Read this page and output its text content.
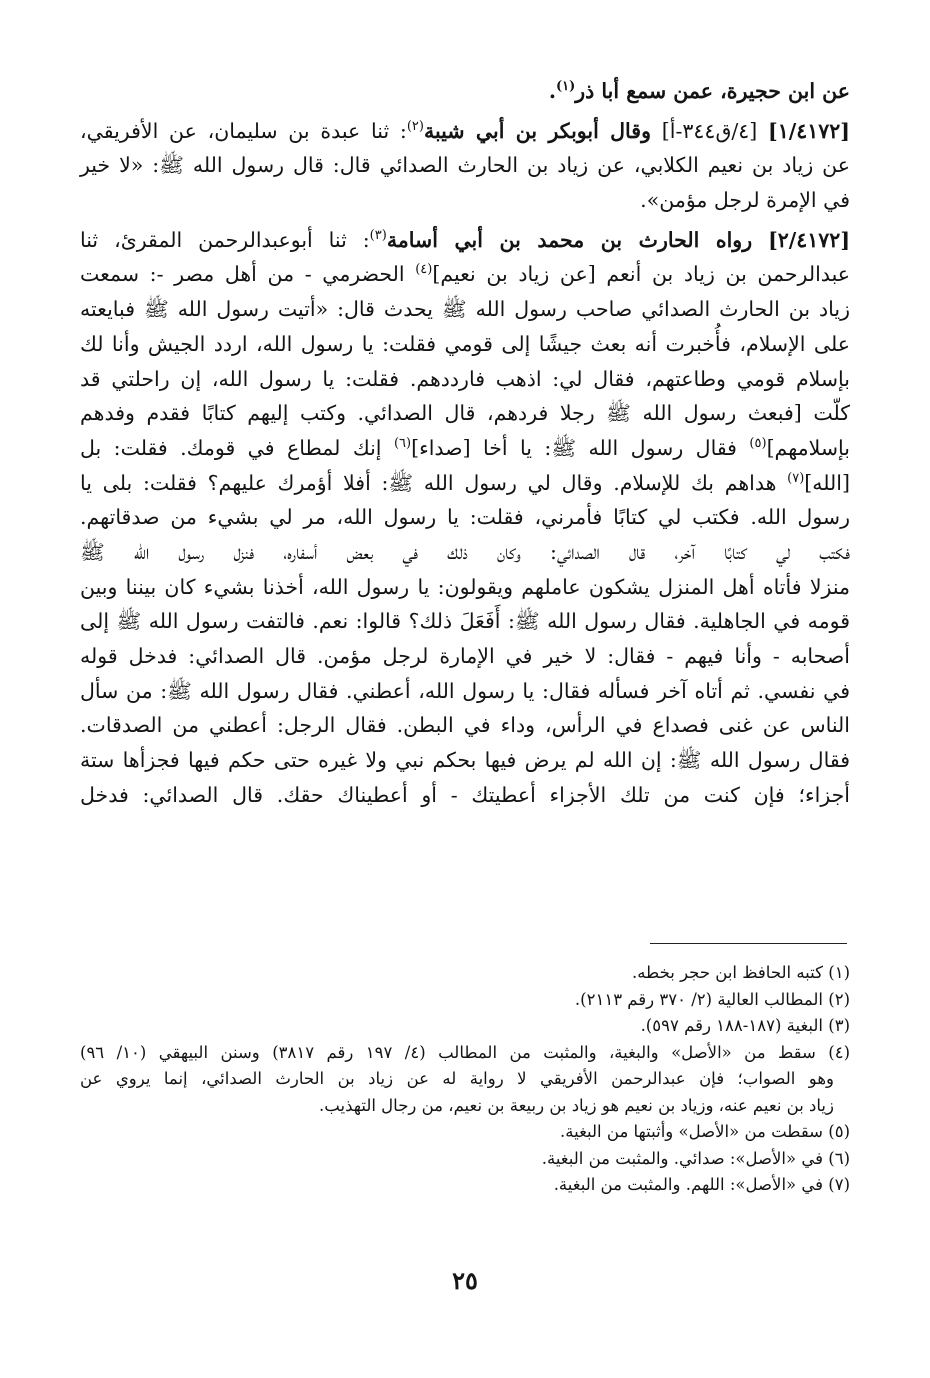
عن ابن حجيرة، عمن سمع أبا ذر$^{(١)}$.
[١/٤١٧٢] [٤/ق٣٤٤-أ] وقال أبوبكر بن أبي شيبة$^{(٢)}$: ثنا عبدة بن سليمان، عن الأفريقي،
عن زياد بن نعيم الكلابي، عن زياد بن الحارث الصدائي قال: قال رسول الله ﷺ: «لا خير
في الإمرة لرجل مؤمن».
[٢/٤١٧٢] رواه الحارث بن محمد بن أبي أسامة$^{(٣)}$: ثنا أبوعبدالرحمن المقرئ، ثنا
عبدالرحمن بن زياد بن أنعم [عن زياد بن نعيم]$^{(٤)}$ الحضرمي - من أهل مصر -: سمعت
زياد بن الحارث الصدائي صاحب رسول الله ﷺ يحدث قال: «أتيت رسول الله ﷺ فبايعته
على الإسلام، فأُخبرت أنه بعث جيشًا إلى قومي فقلت: يا رسول الله، اردد الجيش وأنا لك
بإسلام قومي وطاعتهم، فقال لي: اذهب فارددهم. فقلت: يا رسول الله، إن راحلتي قد
كلّت [فبعث رسول الله ﷺ رجلا فردهم، قال الصدائي. وكتب إليهم كتابًا فقدم وفدهم
بإسلامهم]$^{(٥)}$ فقال رسول الله ﷺ: يا أخا [صداء]$^{(٦)}$ إنك لمطاع في قومك. فقلت: بل
[الله]$^{(٧)}$ هداهم بك للإسلام. وقال لي رسول الله ﷺ: أفلا أؤمرك عليهم؟ فقلت: بلى يا
رسول الله. فكتب لي كتابًا فأمرني، فقلت: يا رسول الله، مر لي بشيء من صدقاتهم.
فكتب لي كتابًا آخر، قال الصدائي: وكان ذلك في بعض أسفاره، فنزل رسول الله ﷺ
منزلا فأتاه أهل المنزل يشكون عاملهم ويقولون: يا رسول الله، أخذنا بشيء كان بيننا وبين
قومه في الجاهلية. فقال رسول الله ﷺ: أَفَعَلَ ذلك؟ قالوا: نعم. فالتفت رسول الله ﷺ إلى
أصحابه - وأنا فيهم - فقال: لا خير في الإمارة لرجل مؤمن. قال الصدائي: فدخل قوله
في نفسي. ثم أتاه آخر فسأله فقال: يا رسول الله، أعطني. فقال رسول الله ﷺ: من سأل
الناس عن غنى فصداع في الرأس، وداء في البطن. فقال الرجل: أعطني من الصدقات.
فقال رسول الله ﷺ: إن الله لم يرض فيها بحكم نبي ولا غيره حتى حكم فيها فجزأها ستة
أجزاء؛ فإن كنت من تلك الأجزاء أعطيتك - أو أعطيناك حقك. قال الصدائي: فدخل
(١) كتبه الحافظ ابن حجر بخطه.
(٢) المطالب العالية (٢/ ٣٧٠ رقم ٢١١٣).
(٣) البغية (١٨٧-١٨٨ رقم ٥٩٧).
(٤) سقط من «الأصل» والبغية، والمثبت من المطالب (٤/ ١٩٧ رقم ٣٨١٧) وسنن البيهقي (١٠/ ٩٦)
وهو الصواب؛ فإن عبدالرحمن الأفريقي لا رواية له عن زياد بن الحارث الصدائي، إنما يروي عن
زياد بن نعيم عنه، وزياد بن نعيم هو زياد بن ربيعة بن نعيم، من رجال التهذيب.
(٥) سقطت من «الأصل» وأثبتها من البغية.
(٦) في «الأصل»: صدائي. والمثبت من البغية.
(٧) في «الأصل»: اللهم. والمثبت من البغية.
٢٥
